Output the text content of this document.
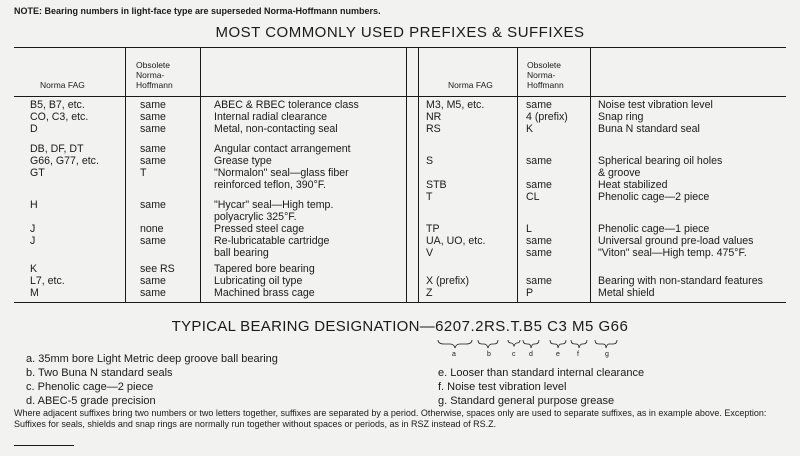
NOTE: Bearing numbers in light-face type are superseded Norma-Hoffmann numbers.
MOST COMMONLY USED PREFIXES & SUFFIXES
Norma FAG
Obsolete
Norma-
Hoffmann	Norma FAG
Obsolete
Norma-
Hoffmann
B5, B7, etc.	same	ABEC & RBEC tolerance class
CO, C3, etc.	same	Internal radial clearance
D	same	Metal, non-contacting seal
DB, DF, DT	same	Angular contact arrangement
G66, G77, etc.	same	Grease type
GT	T	"Normalon" seal—glass fiber
reinforced teflon, 390°F.
H	same	"Hycar" seal—High temp.
polyacrylic 325°F.
J	none	Pressed steel cage
J	same	Re-lubricatable cartridge
ball bearing
K	see RS	Tapered bore bearing
L7, etc.	same	Lubricating oil type
M	same	Machined brass cage
M3, M5, etc.	same	Noise test vibration level
NR	4 (prefix)	Snap ring
RS	K	Buna N standard seal
S	same	Spherical bearing oil holes
& groove
STB	same	Heat stabilized
T	CL	Phenolic cage—2 piece
TP	L	Phenolic cage—1 piece
UA, UO, etc.	same	Universal ground pre-load values
V	same	"Viton" seal—High temp. 475°F.
X (prefix)	same	Bearing with non-standard features
Z	P	Metal shield
TYPICAL BEARING DESIGNATION—6207.2RS.T.B5 C3 M5 G66
a	b	c d	e f	g
a. 35mm bore Light Metric deep groove ball bearing
b. Two Buna N standard seals
c. Phenolic cage—2 piece
d. ABEC-5 grade precision
e. Looser than standard internal clearance
f. Noise test vibration level
g. Standard general purpose grease
Where adjacent suffixes bring two numbers or two letters together, suffixes are separated by a period. Otherwise, spaces only are used to separate suffixes, as in example above. Exception: Suffixes for seals, shields and snap rings are normally run together without spaces or periods, as in RSZ instead of RS.Z.
